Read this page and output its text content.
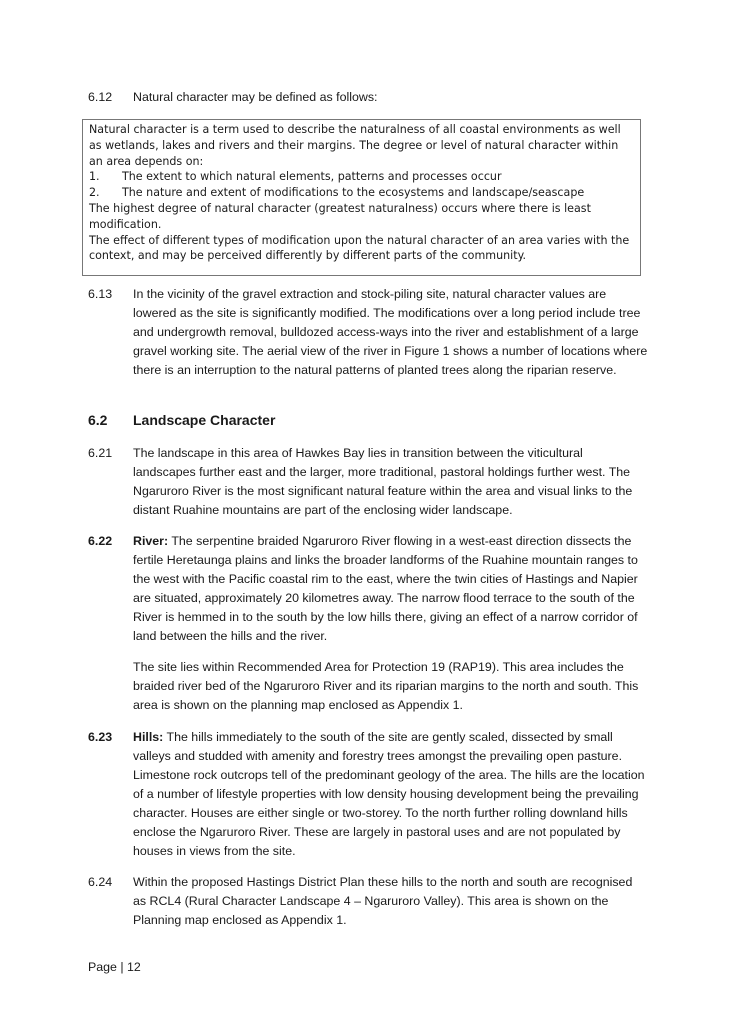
6.12	Natural character may be defined as follows:
Natural character is a term used to describe the naturalness of all coastal environments as well as wetlands, lakes and rivers and their margins. The degree or level of natural character within an area depends on:
1.	The extent to which natural elements, patterns and processes occur
2.	The nature and extent of modifications to the ecosystems and landscape/seascape
The highest degree of natural character (greatest naturalness) occurs where there is least modification.
The effect of different types of modification upon the natural character of an area varies with the context, and may be perceived differently by different parts of the community.
6.13	In the vicinity of the gravel extraction and stock-piling site, natural character values are lowered as the site is significantly modified. The modifications over a long period include tree and undergrowth removal, bulldozed access-ways into the river and establishment of a large gravel working site. The aerial view of the river in Figure 1 shows a number of locations where there is an interruption to the natural patterns of planted trees along the riparian reserve.
6.2 Landscape Character
6.21	The landscape in this area of Hawkes Bay lies in transition between the viticultural landscapes further east and the larger, more traditional, pastoral holdings further west. The Ngaruroro River is the most significant natural feature within the area and visual links to the distant Ruahine mountains are part of the enclosing wider landscape.
6.22	River: The serpentine braided Ngaruroro River flowing in a west-east direction dissects the fertile Heretaunga plains and links the broader landforms of the Ruahine mountain ranges to the west with the Pacific coastal rim to the east, where the twin cities of Hastings and Napier are situated, approximately 20 kilometres away. The narrow flood terrace to the south of the River is hemmed in to the south by the low hills there, giving an effect of a narrow corridor of land between the hills and the river.
The site lies within Recommended Area for Protection 19 (RAP19). This area includes the braided river bed of the Ngaruroro River and its riparian margins to the north and south. This area is shown on the planning map enclosed as Appendix 1.
6.23	Hills: The hills immediately to the south of the site are gently scaled, dissected by small valleys and studded with amenity and forestry trees amongst the prevailing open pasture. Limestone rock outcrops tell of the predominant geology of the area. The hills are the location of a number of lifestyle properties with low density housing development being the prevailing character. Houses are either single or two-storey. To the north further rolling downland hills enclose the Ngaruroro River. These are largely in pastoral uses and are not populated by houses in views from the site.
6.24	Within the proposed Hastings District Plan these hills to the north and south are recognised as RCL4 (Rural Character Landscape 4 – Ngaruroro Valley). This area is shown on the Planning map enclosed as Appendix 1.
Page | 12
